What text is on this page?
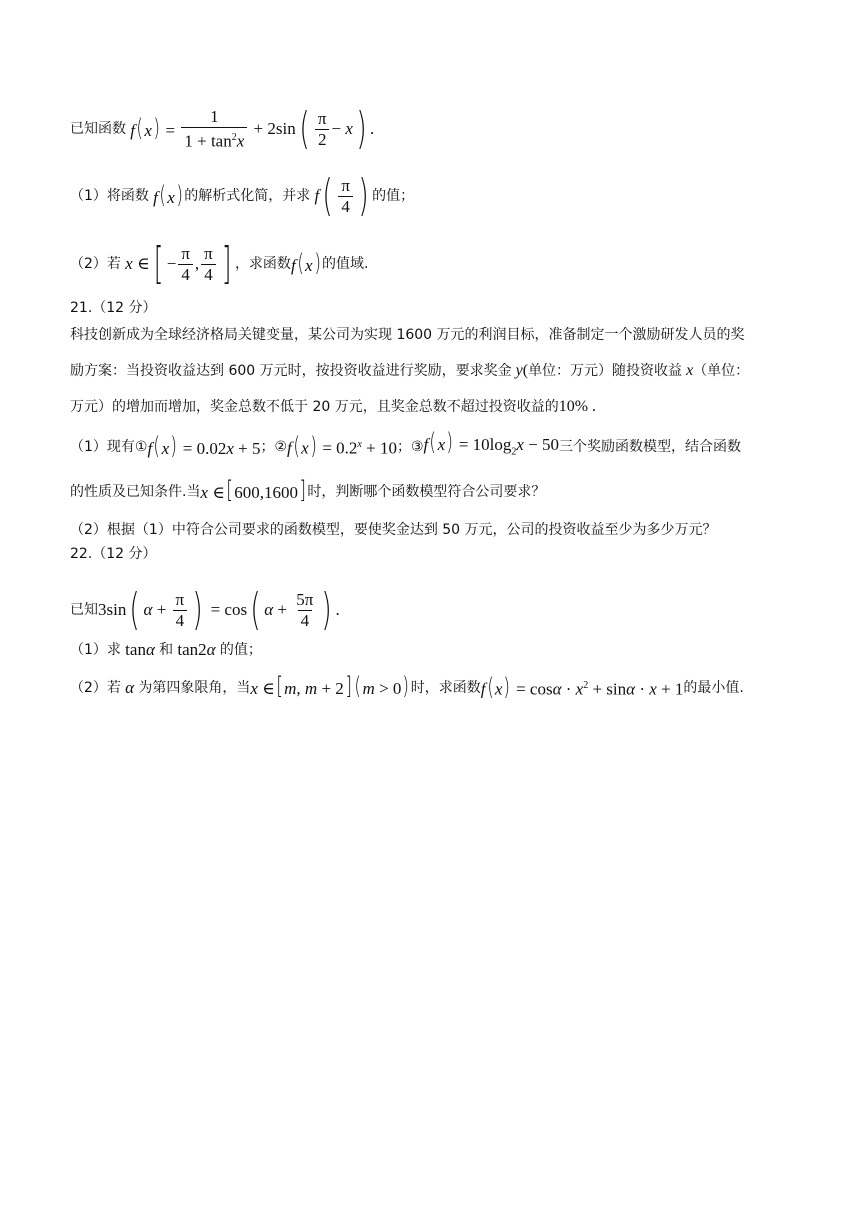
已知函数 $f(x) = \frac{1}{1 + \tan^2x} + 2\sin$ ( $\frac{\pi}{2} - x$ ) .
（1）将函数 f(x) 的解析式化简，并求 f ( $\frac{\pi}{4}$ ) 的值；
（2）若 x ∈ [ − $\frac{\pi}{4}$ , $\frac{\pi}{4}$ ] ，求函数 f(x) 的值域.
21.（12 分）
科技创新成为全球经济格局关键变量，某公司为实现 1600 万元的利润目标，准备制定一个激励研发人员的奖
励方案：当投资收益达到 600 万元时，按投资收益进行奖励，要求奖金 y(单位：万元）随投资收益 x（单位：
万元）的增加而增加，奖金总数不低于 20 万元，且奖金总数不超过投资收益的10% .
（1）现有① f(x) = 0.02x + 5 ；② $f(x) = 0.2^x + 10$ ；③ $f(x) = 10\log_2x - 50$ 三个奖励函数模型，结合函数
的性质及已知条件.当 x ∈[600,1600] 时，判断哪个函数模型符合公司要求？
（2）根据（1）中符合公司要求的函数模型，要使奖金达到 50 万元，公司的投资收益至少为多少万元？
22.（12 分）
已知 3sin ( $\alpha + \frac{\pi}{4}$ ) = cos ( $\alpha + \frac{5\pi}{4}$ ) .
（1）求 tanα 和 tan2α 的值；
（2）若 α 为第四象限角，当 x ∈[m, m + 2] (m > 0) 时，求函数 $f(x) = \cos\alpha \cdot x^2 + \sin\alpha \cdot x + 1$ 的最小值.
